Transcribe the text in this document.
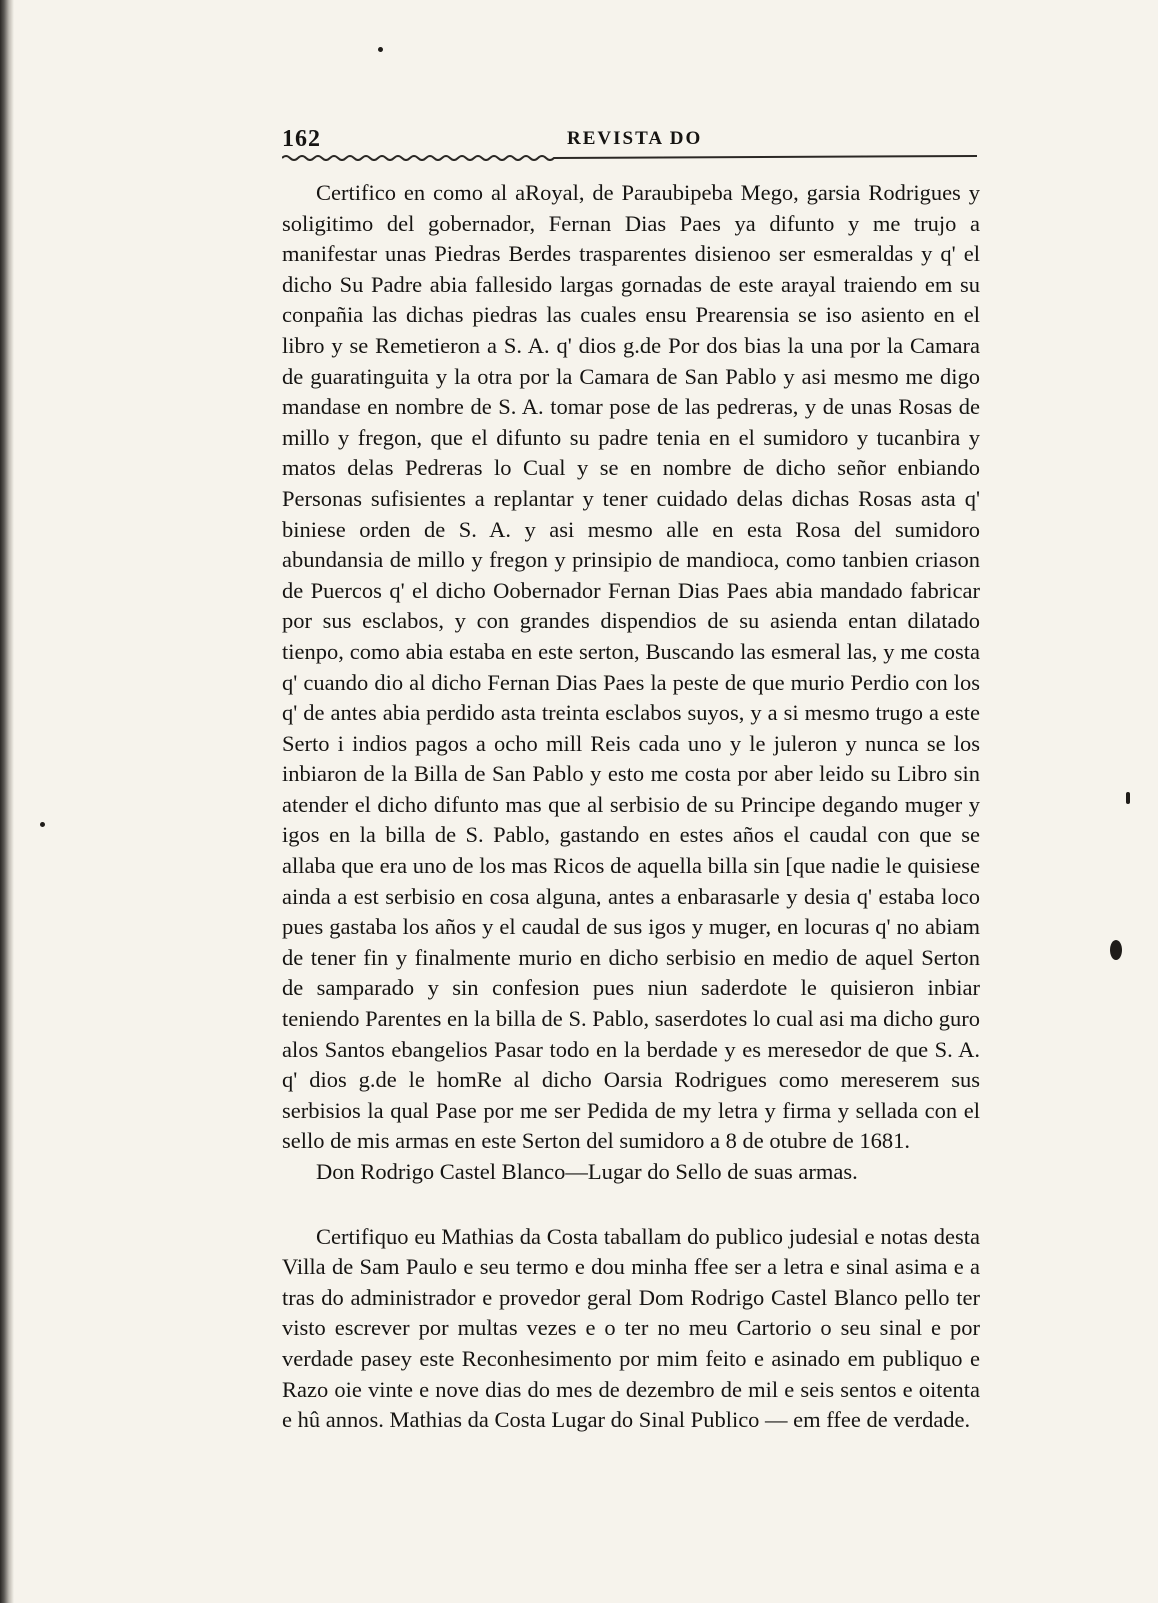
162	REVISTA DO

Certifico en como al aRoyal, de Paraubipeba Mego, garsia Rodrigues y soligitimo del gobernador, Fernan Dias Paes ya difunto y me trujo a manifestar unas Piedras Berdes trasparentes disienoo ser esmeraldas y q' el dicho Su Padre abia fallesido largas gornadas de este arayal traiendo em su conpañia las dichas piedras las cuales ensu Prearensia se iso asiento en el libro y se Remetieron a S. A. q' dios g.de Por dos bias la una por la Camara de guaratinguita y la otra por la Camara de San Pablo y asi mesmo me digo mandase en nombre de S. A. tomar pose de las pedreras, y de unas Rosas de millo y fregon, que el difunto su padre tenia en el sumidoro y tucanbira y matos delas Pedreras lo Cual y se en nombre de dicho señor enbiando Personas sufisientes a replantar y tener cuidado delas dichas Rosas asta q' biniese orden de S. A. y asi mesmo alle en esta Rosa del sumidoro abundansia de millo y fregon y prinsipio de mandioca, como tanbien criason de Puercos q' el dicho Oobernador Fernan Dias Paes abia mandado fabricar por sus esclabos, y con grandes dispendios de su asienda entan dilatado tienpo, como abia estaba en este serton, Buscando las esmeral las, y me costa q' cuando dio al dicho Fernan Dias Paes la peste de que murio Perdio con los q' de antes abia perdido asta treinta esclabos suyos, y a si mesmo trugo a este Serto i indios pagos a ocho mill Reis cada uno y le juleron y nunca se los inbiaron de la Billa de San Pablo y esto me costa por aber leido su Libro sin atender el dicho difunto mas que al serbisio de su Principe degando muger y igos en la billa de S. Pablo, gastando en estes años el caudal con que se allaba que era uno de los mas Ricos de aquella billa sin [que nadie le quisiese ainda a est serbisio en cosa alguna, antes a enbarasarle y desia q' estaba loco pues gastaba los años y el caudal de sus igos y muger, en locuras q' no abiam de tener fin y finalmente murio en dicho serbisio en medio de aquel Serton de samparado y sin confesion pues niun saderdote le quisieron inbiar teniendo Parentes en la billa de S. Pablo, saserdotes lo cual asi ma dicho guro alos Santos ebangelios Pasar todo en la berdade y es meresedor de que S. A. q' dios g.de le homRe al dicho Oarsia Rodrigues como mereserem sus serbisios la qual Pase por me ser Pedida de my letra y firma y sellada con el sello de mis armas en este Serton del sumidoro a 8 de otubre de 1681.

Don Rodrigo Castel Blanco—Lugar do Sello de suas armas.

Certifiquo eu Mathias da Costa taballam do publico judesial e notas desta Villa de Sam Paulo e seu termo e dou minha ffee ser a letra e sinal asima e a tras do administrador e provedor geral Dom Rodrigo Castel Blanco pello ter visto escrever por multas vezes e o ter no meu Cartorio o seu sinal e por verdade pasey este Reconhesimento por mim feito e asinado em publiquo e Razo oie vinte e nove dias do mes de dezembro de mil e seis sentos e oitenta e hû annos. Mathias da Costa Lugar do Sinal Publico — em ffee de verdade.
